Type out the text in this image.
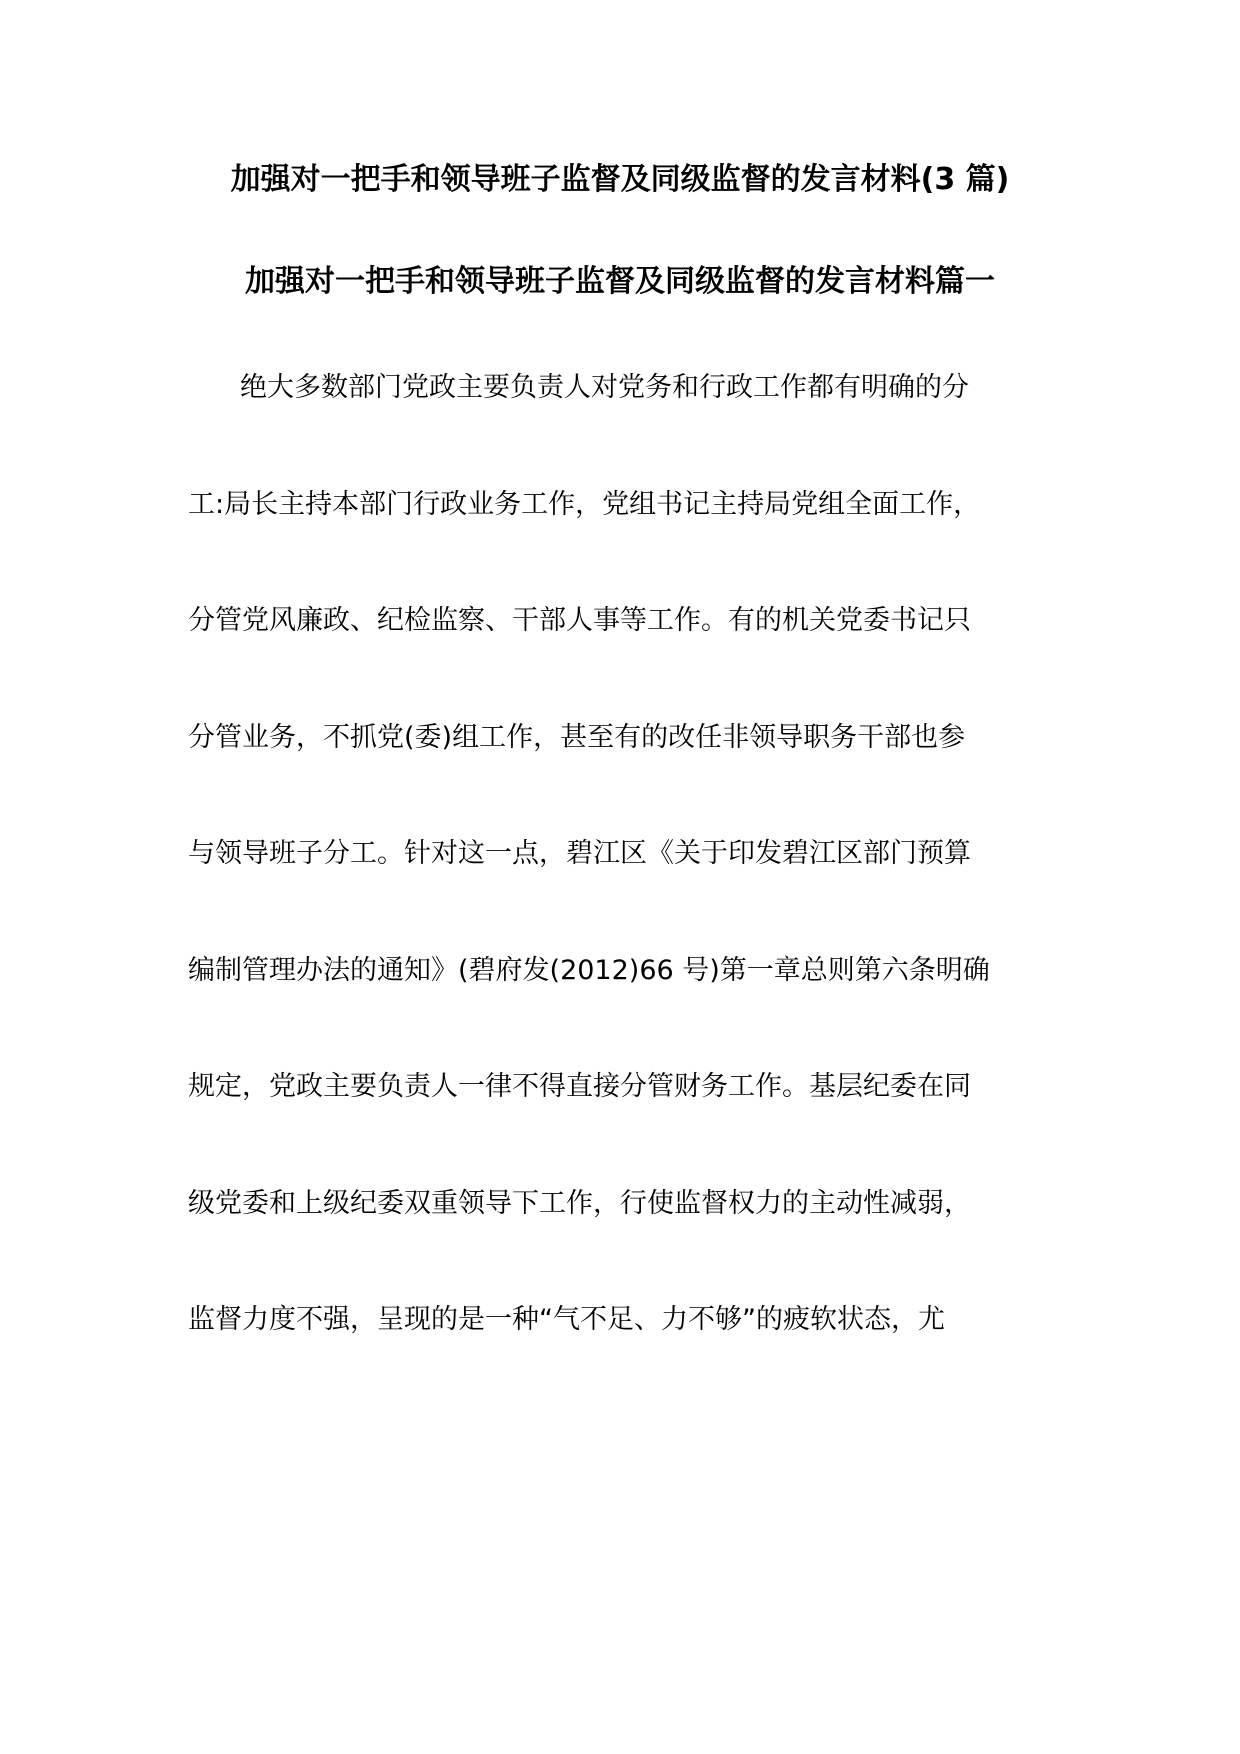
加强对一把手和领导班子监督及同级监督的发言材料(3 篇)
加强对一把手和领导班子监督及同级监督的发言材料篇一
绝大多数部门党政主要负责人对党务和行政工作都有明确的分
工:局长主持本部门行政业务工作，党组书记主持局党组全面工作，
分管党风廉政、纪检监察、干部人事等工作。有的机关党委书记只
分管业务，不抓党(委)组工作，甚至有的改任非领导职务干部也参
与领导班子分工。针对这一点，碧江区《关于印发碧江区部门预算
编制管理办法的通知》(碧府发(2012)66 号)第一章总则第六条明确
规定，党政主要负责人一律不得直接分管财务工作。基层纪委在同
级党委和上级纪委双重领导下工作，行使监督权力的主动性减弱，
监督力度不强，呈现的是一种“气不足、力不够”的疲软状态，尤
